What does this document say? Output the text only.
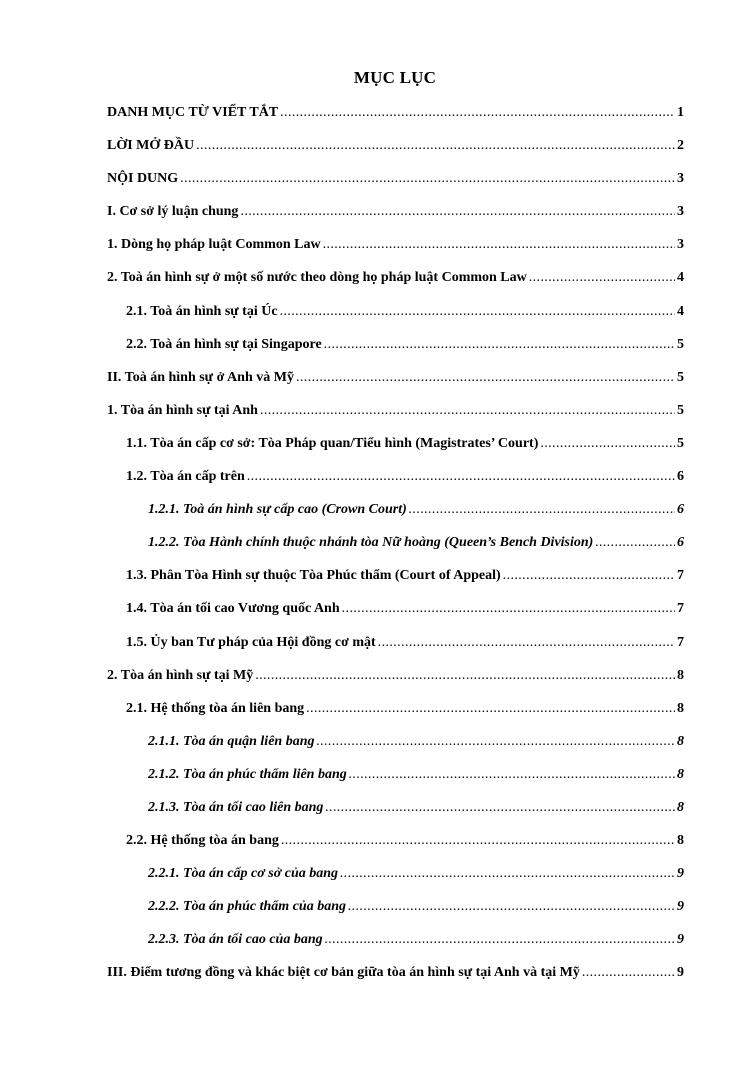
MỤC LỤC
DANH MỤC TỪ VIẾT TẮT .....	1
LỜI MỞ ĐẦU .....	2
NỘI DUNG .....	3
I. Cơ sở lý luận chung .....	3
1. Dòng họ pháp luật Common Law .....	3
2. Toà án hình sự ở một số nước theo dòng họ pháp luật Common Law .....	4
2.1. Toà án hình sự tại Úc .....	4
2.2. Toà án hình sự tại Singapore .....	5
II. Toà án hình sự ở Anh và Mỹ .....	5
1. Tòa án hình sự tại Anh .....	5
1.1. Tòa án cấp cơ sở: Tòa Pháp quan/Tiểu hình (Magistrates’ Court) .....	5
1.2. Tòa án cấp trên .....	6
1.2.1. Toà án hình sự cấp cao (Crown Court) .....	6
1.2.2. Tòa Hành chính thuộc nhánh tòa Nữ hoàng (Queen’s Bench Division) .....	6
1.3. Phân Tòa Hình sự thuộc Tòa Phúc thẩm (Court of Appeal) .....	7
1.4. Tòa án tối cao Vương quốc Anh .....	7
1.5. Ủy ban Tư pháp của Hội đồng cơ mật .....	7
2. Tòa án hình sự tại Mỹ .....	8
2.1. Hệ thống tòa án liên bang .....	8
2.1.1. Tòa án quận liên bang .....	8
2.1.2. Tòa án phúc thẩm liên bang .....	8
2.1.3. Tòa án tối cao liên bang .....	8
2.2. Hệ thống tòa án bang .....	8
2.2.1. Tòa án cấp cơ sở của bang .....	9
2.2.2. Tòa án phúc thẩm của bang .....	9
2.2.3. Tòa án tối cao của bang .....	9
III. Điểm tương đồng và khác biệt cơ bản giữa tòa án hình sự tại Anh và tại Mỹ .....	9
